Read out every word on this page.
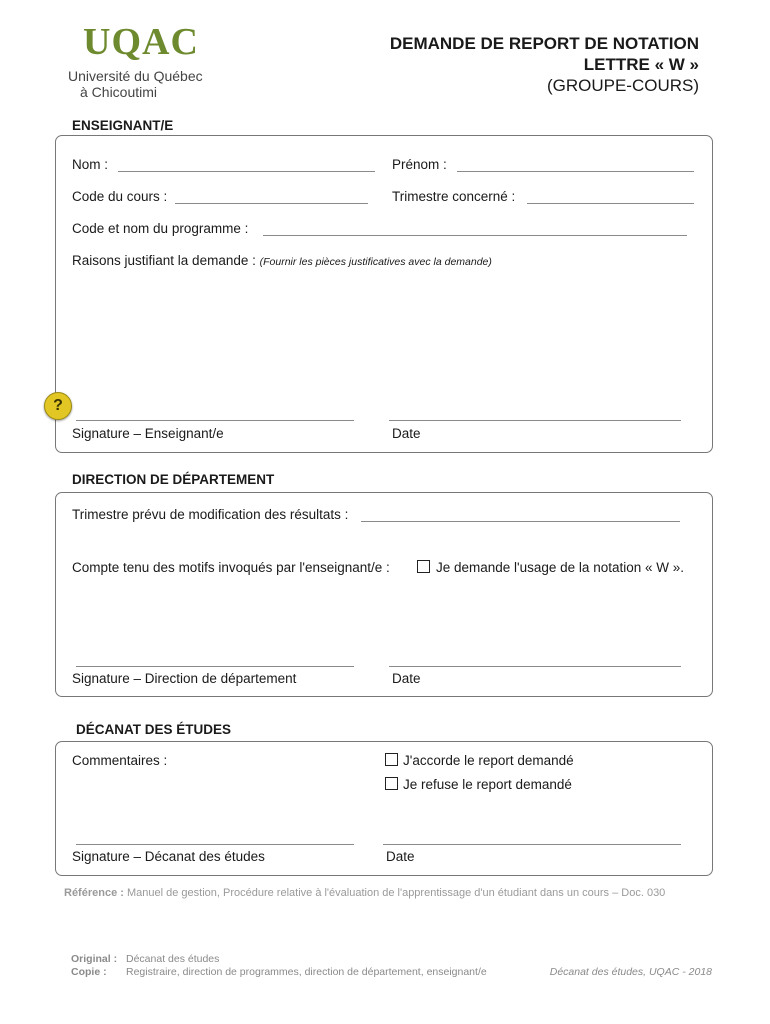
UQAC
Université du Québec
à Chicoutimi
DEMANDE DE REPORT DE NOTATION
LETTRE « W »
(GROUPE-COURS)
ENSEIGNANT/E
Nom :	Prénom :
Code du cours :	Trimestre concerné :
Code et nom du programme :
Raisons justifiant la demande : (Fournir les pièces justificatives avec la demande)
?
Signature – Enseignant/e	Date
DIRECTION DE DÉPARTEMENT
Trimestre prévu de modification des résultats :
Compte tenu des motifs invoqués par l'enseignant/e :	Je demande l'usage de la notation « W ».
Signature – Direction de département	Date
DÉCANAT DES ÉTUDES
Commentaires :	J'accorde le report demandé
Je refuse le report demandé
Signature – Décanat des études	Date
Référence : Manuel de gestion, Procédure relative à l'évaluation de l'apprentissage d'un étudiant dans un cours – Doc. 030
Original : Décanat des études
Copie : Registraire, direction de programmes, direction de département, enseignant/e	Décanat des études, UQAC - 2018
